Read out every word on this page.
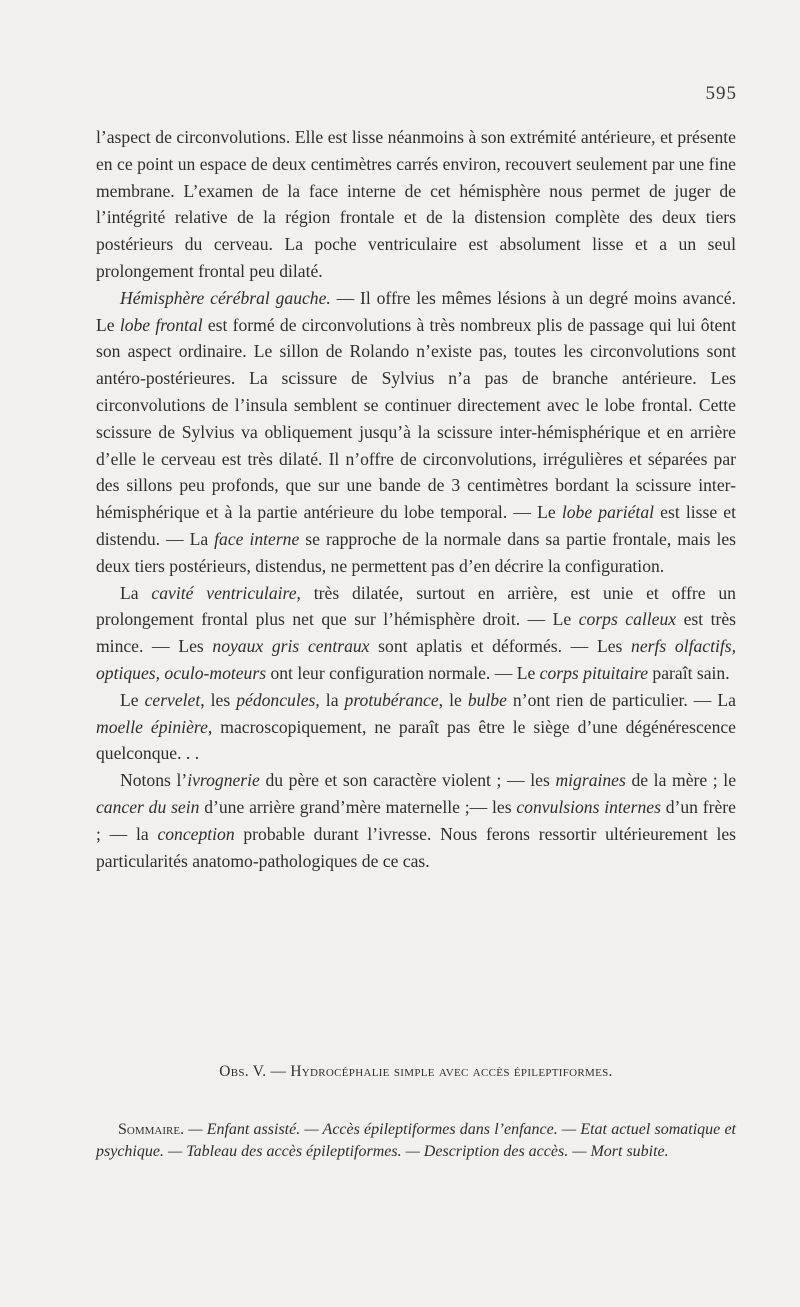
595

l’aspect de circonvolutions. Elle est lisse néanmoins à son extrémité antérieure, et présente en ce point un espace de deux centimètres carrés environ, recouvert seulement par une fine membrane. L’examen de la face interne de cet hémisphère nous permet de juger de l’intégrité relative de la région frontale et de la distension complète des deux tiers postérieurs du cerveau. La poche ventriculaire est absolument lisse et a un seul prolongement frontal peu dilaté.

Hémisphère cérébral gauche. — Il offre les mêmes lésions à un degré moins avancé. Le lobe frontal est formé de circonvolutions à très nombreux plis de passage qui lui ôtent son aspect ordinaire. Le sillon de Rolando n’existe pas, toutes les circonvolutions sont antéro-postérieures. La scissure de Sylvius n’a pas de branche antérieure. Les circonvolutions de l’insula semblent se continuer directement avec le lobe frontal. Cette scissure de Sylvius va obliquement jusqu’à la scissure inter-hémisphérique et en arrière d’elle le cerveau est très dilaté. Il n’offre de circonvolutions, irrégulières et séparées par des sillons peu profonds, que sur une bande de 3 centimètres bordant la scissure inter-hémisphérique et à la partie antérieure du lobe temporal. — Le lobe pariétal est lisse et distendu. — La face interne se rapproche de la normale dans sa partie frontale, mais les deux tiers postérieurs, distendus, ne permettent pas d’en décrire la configuration.

La cavité ventriculaire, très dilatée, surtout en arrière, est unie et offre un prolongement frontal plus net que sur l’hémisphère droit. — Le corps calleux est très mince. — Les noyaux gris centraux sont aplatis et déformés. — Les nerfs olfactifs, optiques, oculo-moteurs ont leur configuration normale. — Le corps pituitaire paraît sain.

Le cervelet, les pédoncules, la protubérance, le bulbe n’ont rien de particulier. — La moelle épinière, macroscopiquement, ne paraît pas être le siège d’une dégénérescence quelconque. . .

Notons l’ivrognerie du père et son caractère violent ; — les migraines de la mère ; le cancer du sein d’une arrière grand’mère maternelle ;— les convulsions internes d’un frère ; — la conception probable durant l’ivresse. Nous ferons ressortir ultérieurement les particularités anatomo-pathologiques de ce cas.

Obs. V. — Hydrocéphalie simple avec accès épileptiformes.

Sommaire. — Enfant assisté. — Accès épileptiformes dans l’enfance. — Etat actuel somatique et psychique. — Tableau des accès épileptiformes. — Description des accès. — Mort subite.
